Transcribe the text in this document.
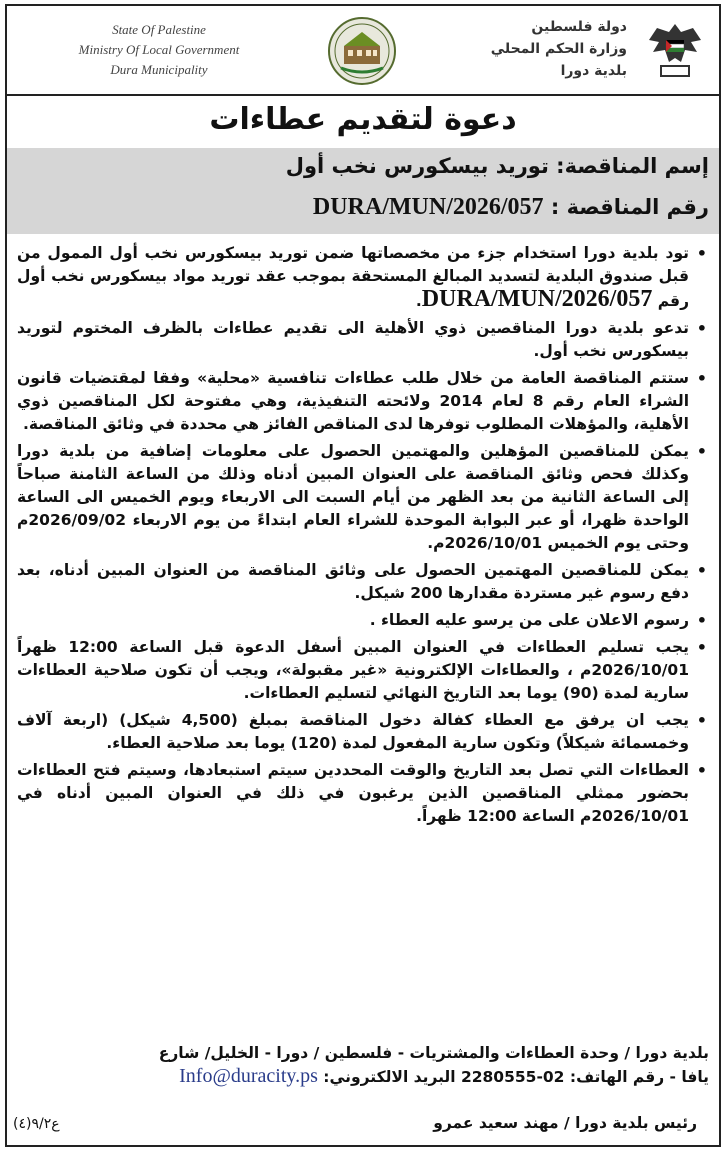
State Of Palestine
Ministry Of Local Government
Dura Municipality
دولة فلسطين
وزارة الحكم المحلي
بلدية دورا
دعوة لتقديم عطاءات
إسم المناقصة: توريد بيسكورس نخب أول
رقم المناقصة : DURA/MUN/2026/057
•
تود بلدية دورا استخدام جزء من مخصصاتها ضمن توريد بيسكورس نخب أول الممول من قبل صندوق البلدية لتسديد المبالغ المستحقة بموجب عقد توريد مواد بيسكورس نخب أول رقم DURA/MUN/2026/057.
•
تدعو بلدية دورا المناقصين ذوي الأهلية الى تقديم عطاءات بالظرف المختوم لتوريد بيسكورس نخب أول.
•
ستتم المناقصة العامة من خلال طلب عطاءات تنافسية «محلية» وفقا لمقتضيات قانون الشراء العام رقم 8 لعام 2014 ولائحته التنفيذية، وهي مفتوحة لكل المناقصين ذوي الأهلية، والمؤهلات المطلوب توفرها لدى المناقص الفائز هي محددة في وثائق المناقصة.
•
يمكن للمناقصين المؤهلين والمهتمين الحصول على معلومات إضافية من بلدية دورا وكذلك فحص وثائق المناقصة على العنوان المبين أدناه وذلك من الساعة الثامنة صباحاً إلى الساعة الثانية من بعد الظهر من أيام السبت الى الاربعاء ويوم الخميس الى الساعة الواحدة ظهرا، أو عبر البوابة الموحدة للشراء العام ابتداءً من يوم الاربعاء 2026/09/02م وحتى يوم الخميس 2026/10/01م.
•
يمكن للمناقصين المهتمين الحصول على وثائق المناقصة من العنوان المبين أدناه، بعد دفع رسوم غير مستردة مقدارها 200 شيكل.
•
رسوم الاعلان على من يرسو عليه العطاء .
•
يجب تسليم العطاءات في العنوان المبين أسفل الدعوة قبل الساعة 12:00 ظهراً 2026/10/01م ، والعطاءات الإلكترونية «غير مقبولة»، ويجب أن تكون صلاحية العطاءات سارية لمدة (90) يوما بعد التاريخ النهائي لتسليم العطاءات.
•
يجب ان يرفق مع العطاء كفالة دخول المناقصة بمبلغ (4,500 شيكل) (اربعة آلاف وخمسمائة شيكلاً) وتكون سارية المفعول لمدة (120) يوما بعد صلاحية العطاء.
•
العطاءات التي تصل بعد التاريخ والوقت المحددين سيتم استبعادها، وسيتم فتح العطاءات بحضور ممثلي المناقصين الذين يرغبون في ذلك في العنوان المبين أدناه في 2026/10/01م الساعة 12:00 ظهراً.
بلدية دورا / وحدة العطاءات والمشتريات - فلسطين / دورا - الخليل/ شارع
يافا - رقم الهاتف: 02-2280555 البريد الالكتروني: Info@duracity.ps
رئيس بلدية دورا / مهند سعيد عمرو
ع٩/٢(٤)
